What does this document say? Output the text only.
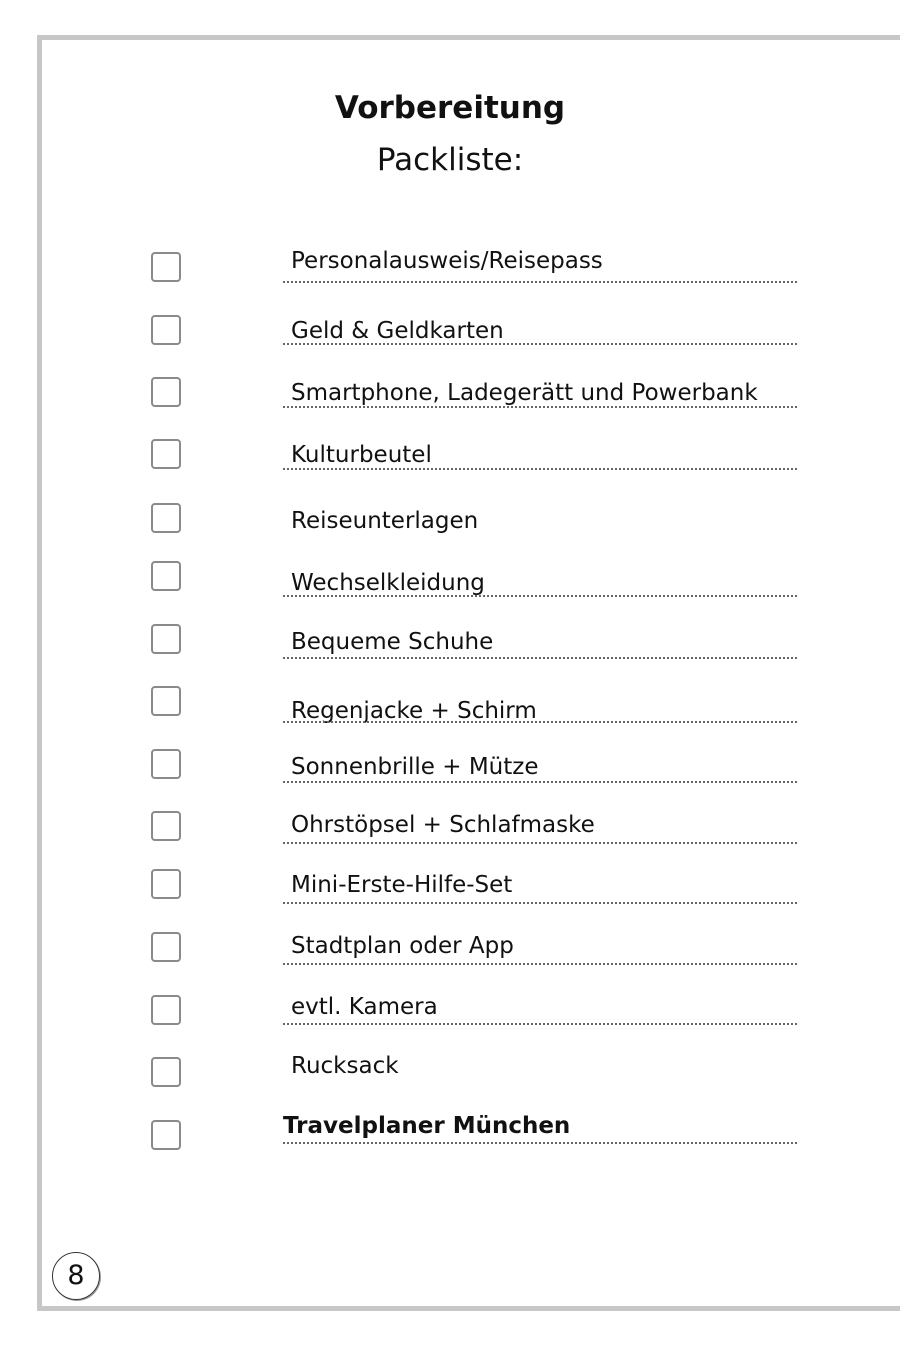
Vorbereitung
Packliste:
Personalausweis/Reisepass
Geld & Geldkarten
Smartphone, Ladegerätt und Powerbank
Kulturbeutel
Reiseunterlagen
Wechselkleidung
Bequeme Schuhe
Regenjacke + Schirm
Sonnenbrille + Mütze
Ohrstöpsel + Schlafmaske
Mini-Erste-Hilfe-Set
Stadtplan oder App
evtl. Kamera
Rucksack
Travelplaner München
8
